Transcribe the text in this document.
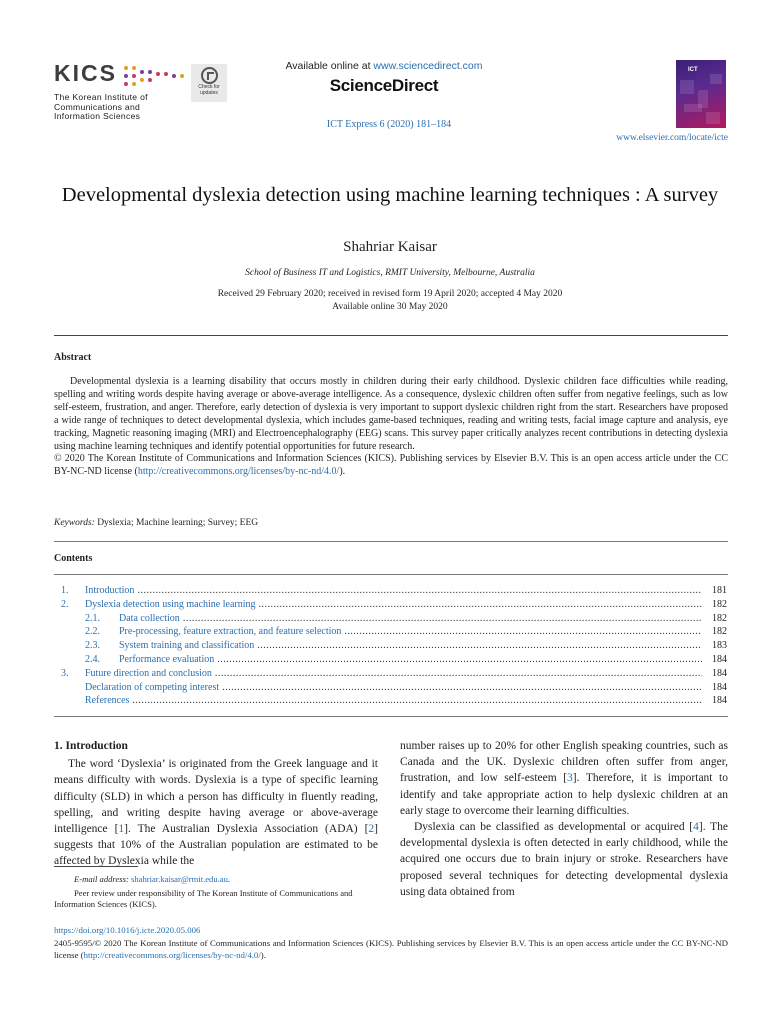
KICS
The Korean Institute of
Communications and
Information Sciences
Check for updates
Available online at www.sciencedirect.com
ScienceDirect
ICT Express 6 (2020) 181–184
ICT
www.elsevier.com/locate/icte
Developmental dyslexia detection using machine learning techniques : A survey
Shahriar Kaisar
School of Business IT and Logistics, RMIT University, Melbourne, Australia
Received 29 February 2020; received in revised form 19 April 2020; accepted 4 May 2020
Available online 30 May 2020
Abstract

Developmental dyslexia is a learning disability that occurs mostly in children during their early childhood. Dyslexic children face difficulties while reading, spelling and writing words despite having average or above-average intelligence. As a consequence, dyslexic children often suffer from negative feelings, such as low self-esteem, frustration, and anger. Therefore, early detection of dyslexia is very important to support dyslexic children right from the start. Researchers have proposed a wide range of techniques to detect developmental dyslexia, which includes game-based techniques, reading and writing tests, facial image capture and analysis, eye tracking, Magnetic reasoning imaging (MRI) and Electroencephalography (EEG) scans. This survey paper critically analyzes recent contributions in detecting dyslexia using machine learning techniques and identify potential opportunities for future research.

© 2020 The Korean Institute of Communications and Information Sciences (KICS). Publishing services by Elsevier B.V. This is an open access article under the CC BY-NC-ND license (http://creativecommons.org/licenses/by-nc-nd/4.0/).

Keywords: Dyslexia; Machine learning; Survey; EEG
Contents
1.	Introduction .....	181
2.	Dyslexia detection using machine learning .....	182
2.1.	Data collection .....	182
2.2.	Pre-processing, feature extraction, and feature selection .....	182
2.3.	System training and classification .....	183
2.4.	Performance evaluation .....	184
3.	Future direction and conclusion .....	184
Declaration of competing interest .....	184
References .....	184

1. Introduction

The word ‘Dyslexia’ is originated from the Greek language and it means difficulty with words. Dyslexia is a type of specific learning difficulty (SLD) in which a person has difficulty in fluently reading, spelling, and writing despite having average or above-average intelligence [1]. The Australian Dyslexia Association (ADA) [2] suggests that 10% of the Australian population are estimated to be affected by Dyslexia while the

number raises up to 20% for other English speaking countries, such as Canada and the UK. Dyslexic children often suffer from anger, frustration, and low self-esteem [3]. Therefore, it is important to identify and take appropriate action to help dyslexic children at an early stage to overcome their learning difficulties.

Dyslexia can be classified as developmental or acquired [4]. The developmental dyslexia is often detected in early childhood, while the acquired one occurs due to brain injury or stroke. Researchers have proposed several techniques for detecting developmental dyslexia using data obtained from

E-mail address: shahriar.kaisar@rmit.edu.au.
Peer review under responsibility of The Korean Institute of Communications and Information Sciences (KICS).
https://doi.org/10.1016/j.icte.2020.05.006
2405-9595/© 2020 The Korean Institute of Communications and Information Sciences (KICS). Publishing services by Elsevier B.V. This is an open access article under the CC BY-NC-ND license (http://creativecommons.org/licenses/by-nc-nd/4.0/).
